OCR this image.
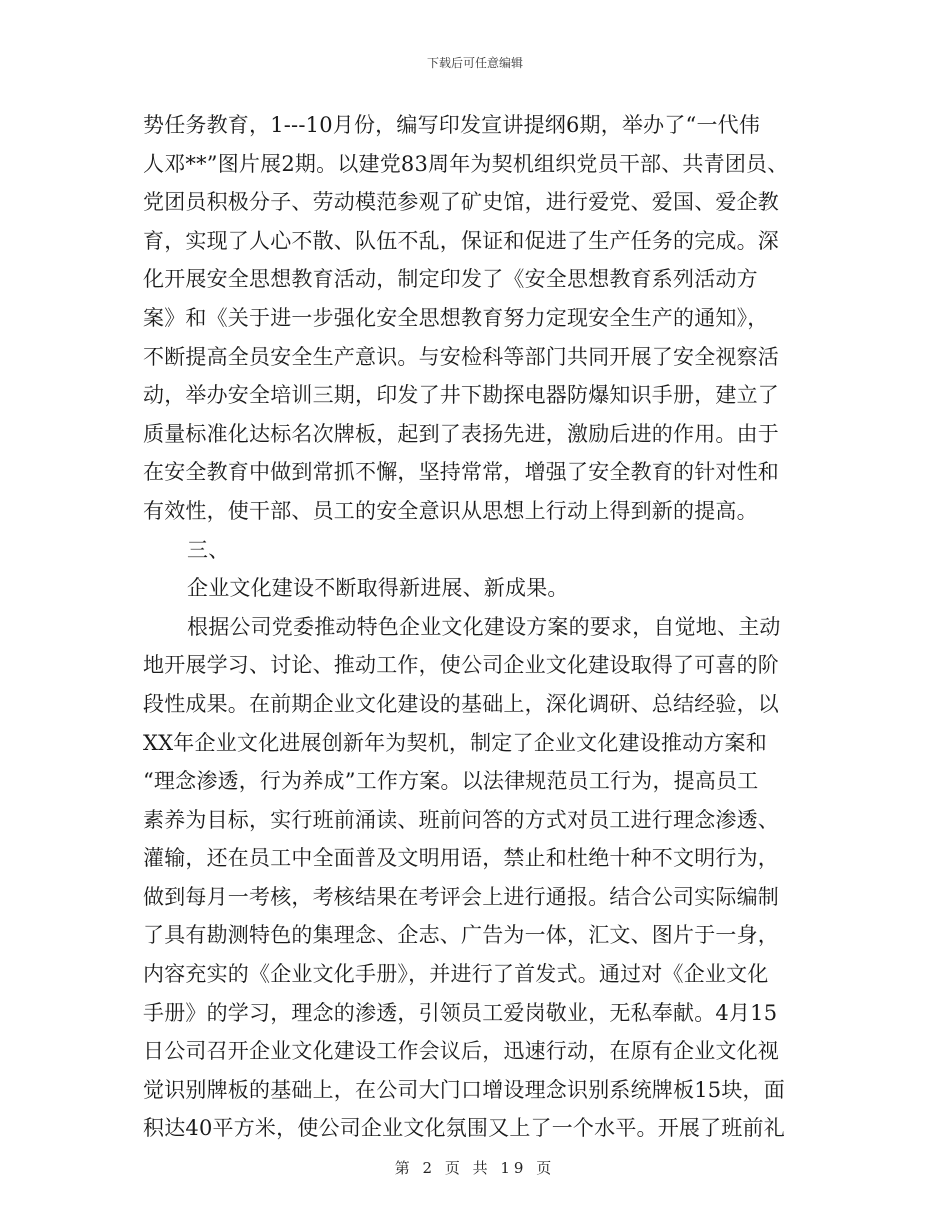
下载后可任意编辑
势任务教育，1---10月份，编写印发宣讲提纲6期，举办了“一代伟
人邓**”图片展2期。以建党83周年为契机组织党员干部、共青团员、
党团员积极分子、劳动模范参观了矿史馆，进行爱党、爱国、爱企教
育，实现了人心不散、队伍不乱，保证和促进了生产任务的完成。深
化开展安全思想教育活动，制定印发了《安全思想教育系列活动方
案》和《关于进一步强化安全思想教育努力定现安全生产的通知》，
不断提高全员安全生产意识。与安检科等部门共同开展了安全视察活
动，举办安全培训三期，印发了井下勘探电器防爆知识手册，建立了
质量标准化达标名次牌板，起到了表扬先进，激励后进的作用。由于
在安全教育中做到常抓不懈，坚持常常，增强了安全教育的针对性和
有效性，使干部、员工的安全意识从思想上行动上得到新的提高。
三、
企业文化建设不断取得新进展、新成果。
根据公司党委推动特色企业文化建设方案的要求，自觉地、主动
地开展学习、讨论、推动工作，使公司企业文化建设取得了可喜的阶
段性成果。在前期企业文化建设的基础上，深化调研、总结经验，以
XX年企业文化进展创新年为契机，制定了企业文化建设推动方案和
“理念渗透，行为养成”工作方案。以法律规范员工行为，提高员工
素养为目标，实行班前涌读、班前问答的方式对员工进行理念渗透、
灌输，还在员工中全面普及文明用语，禁止和杜绝十种不文明行为，
做到每月一考核，考核结果在考评会上进行通报。结合公司实际编制
了具有勘测特色的集理念、企志、广告为一体，汇文、图片于一身，
内容充实的《企业文化手册》，并进行了首发式。通过对《企业文化
手册》的学习，理念的渗透，引领员工爱岗敬业，无私奉献。4月15
日公司召开企业文化建设工作会议后，迅速行动，在原有企业文化视
觉识别牌板的基础上，在公司大门口增设理念识别系统牌板15块，面
积达40平方米，使公司企业文化氛围又上了一个水平。开展了班前礼
第 2 页 共 19 页
